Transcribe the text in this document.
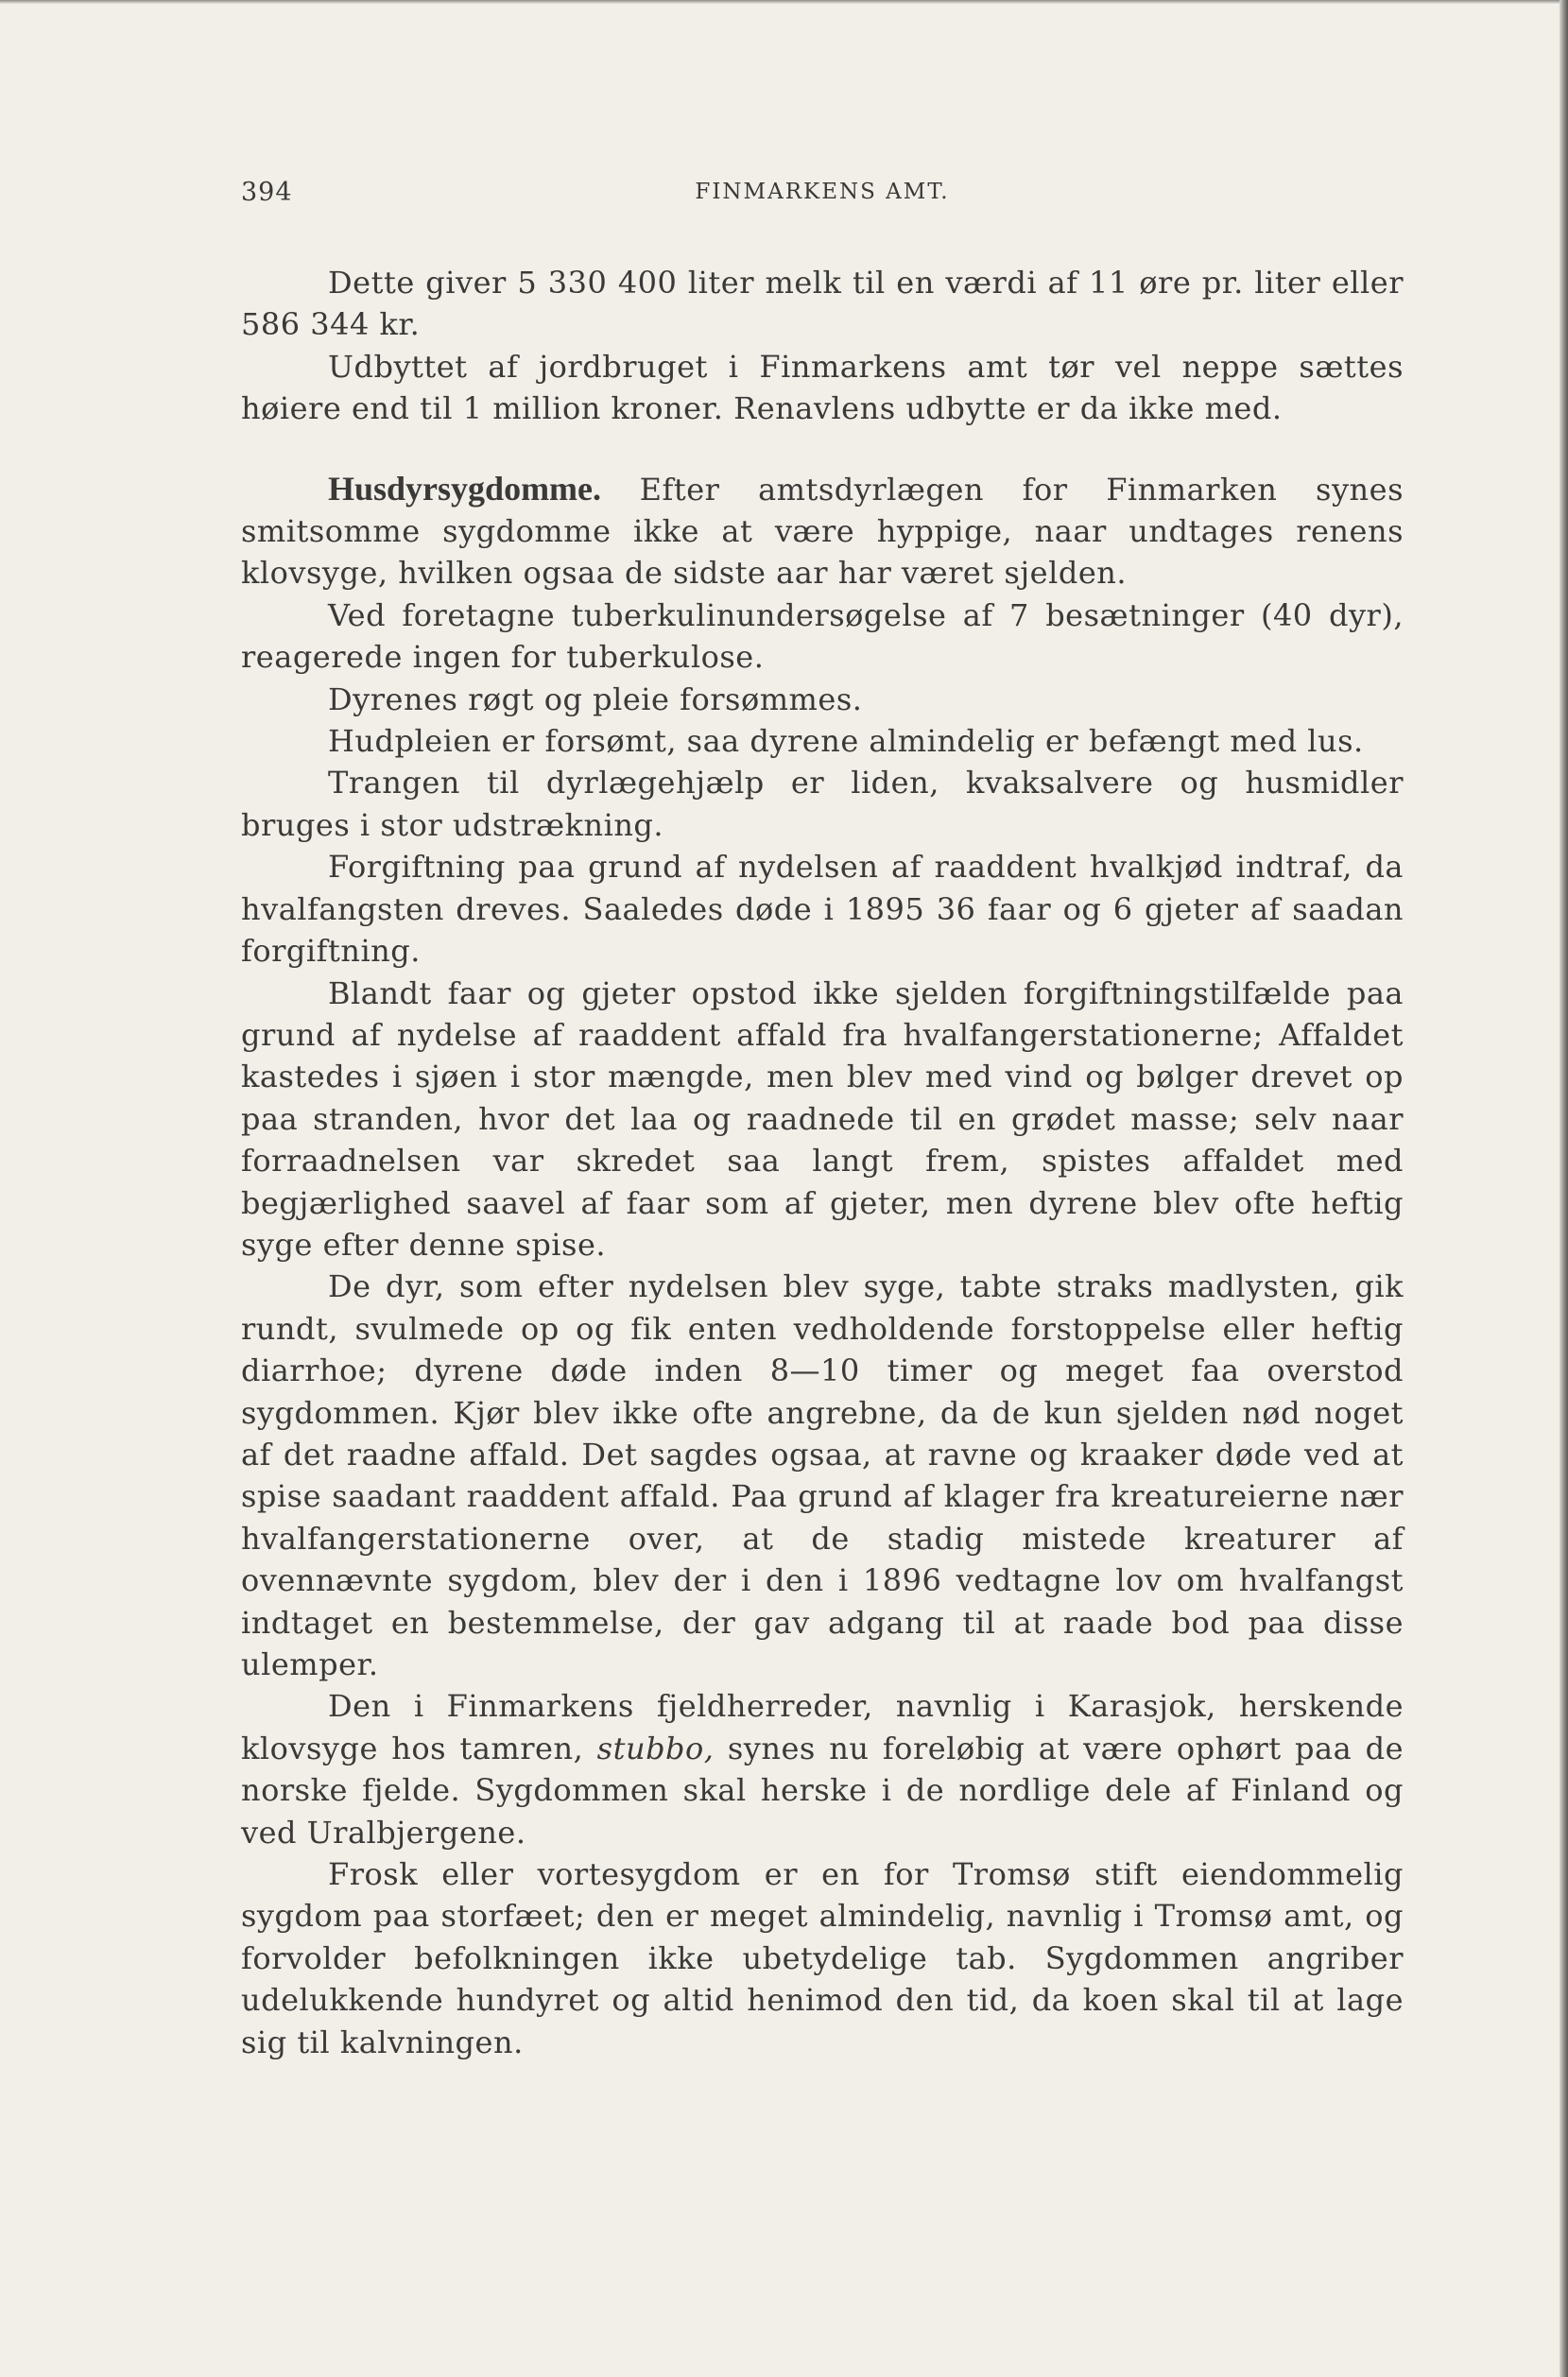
394	FINMARKENS AMT.

Dette giver 5 330 400 liter melk til en værdi af 11 øre pr. liter eller 586 344 kr.

Udbyttet af jordbruget i Finmarkens amt tør vel neppe sættes høiere end til 1 million kroner. Renavlens udbytte er da ikke med.

Husdyrsygdomme. Efter amtsdyrlægen for Finmarken synes smitsomme sygdomme ikke at være hyppige, naar undtages renens klovsyge, hvilken ogsaa de sidste aar har været sjelden.

Ved foretagne tuberkulinundersøgelse af 7 besætninger (40 dyr), reagerede ingen for tuberkulose.

Dyrenes røgt og pleie forsømmes.

Hudpleien er forsømt, saa dyrene almindelig er befængt med lus.

Trangen til dyrlægehjælp er liden, kvaksalvere og husmidler bruges i stor udstrækning.

Forgiftning paa grund af nydelsen af raaddent hvalkjød indtraf, da hvalfangsten dreves. Saaledes døde i 1895 36 faar og 6 gjeter af saadan forgiftning.

Blandt faar og gjeter opstod ikke sjelden forgiftningstilfælde paa grund af nydelse af raaddent affald fra hvalfangerstationerne; Affaldet kastedes i sjøen i stor mængde, men blev med vind og bølger drevet op paa stranden, hvor det laa og raadnede til en grødet masse; selv naar forraadnelsen var skredet saa langt frem, spistes affaldet med begjærlighed saavel af faar som af gjeter, men dyrene blev ofte heftig syge efter denne spise.

De dyr, som efter nydelsen blev syge, tabte straks madlysten, gik rundt, svulmede op og fik enten vedholdende forstoppelse eller heftig diarrhoe; dyrene døde inden 8—10 timer og meget faa overstod sygdommen. Kjør blev ikke ofte angrebne, da de kun sjelden nød noget af det raadne affald. Det sagdes ogsaa, at ravne og kraaker døde ved at spise saadant raaddent affald. Paa grund af klager fra kreatureierne nær hvalfangerstationerne over, at de stadig mistede kreaturer af ovennævnte sygdom, blev der i den i 1896 vedtagne lov om hvalfangst indtaget en bestemmelse, der gav adgang til at raade bod paa disse ulemper.

Den i Finmarkens fjeldherreder, navnlig i Karasjok, herskende klovsyge hos tamren, stubbo, synes nu foreløbig at være ophørt paa de norske fjelde. Sygdommen skal herske i de nordlige dele af Finland og ved Uralbjergene.

Frosk eller vortesygdom er en for Tromsø stift eiendommelig sygdom paa storfæet; den er meget almindelig, navnlig i Tromsø amt, og forvolder befolkningen ikke ubetydelige tab. Sygdommen angriber udelukkende hundyret og altid henimod den tid, da koen skal til at lage sig til kalvningen.
